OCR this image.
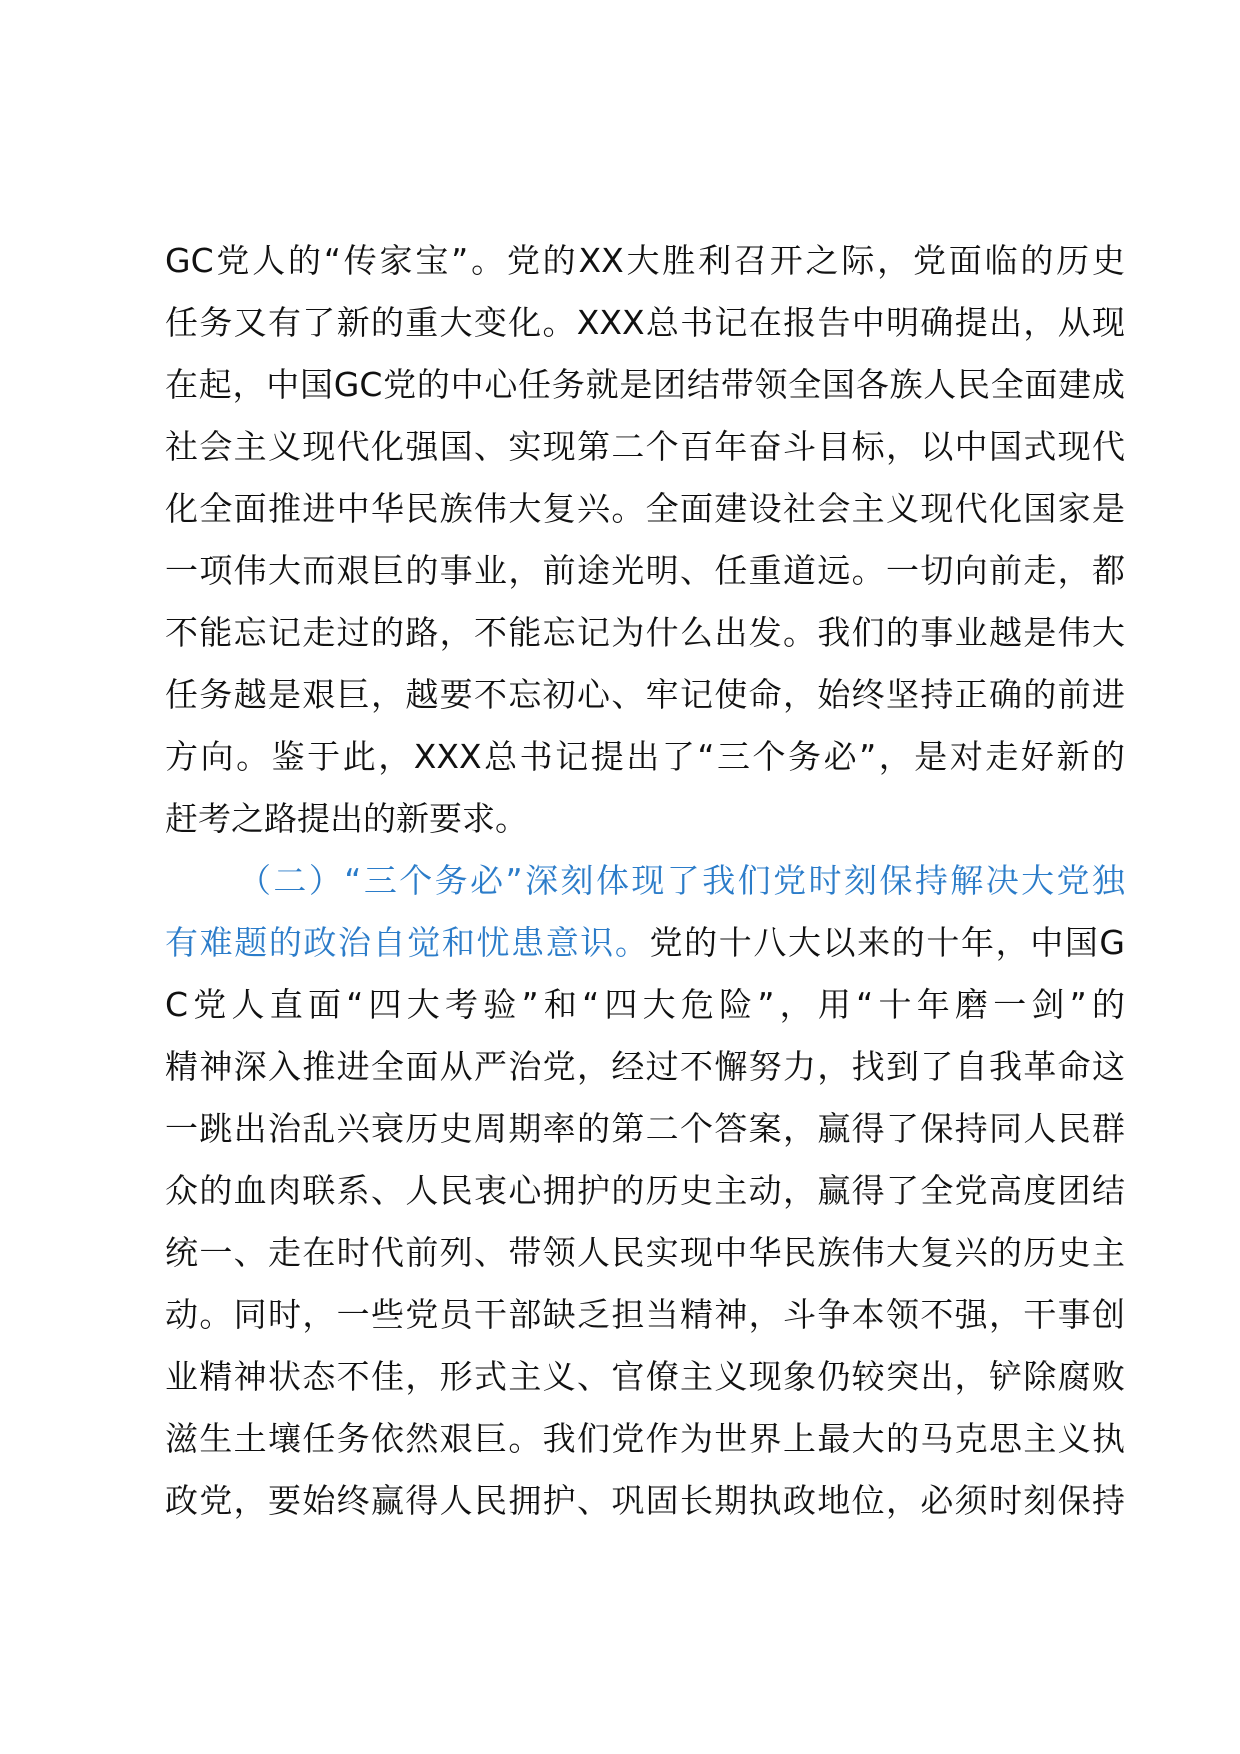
GC党人的“传家宝”。党的XX大胜利召开之际，党面临的历史
任务又有了新的重大变化。XXX总书记在报告中明确提出，从现
在起，中国GC党的中心任务就是团结带领全国各族人民全面建成
社会主义现代化强国、实现第二个百年奋斗目标，以中国式现代
化全面推进中华民族伟大复兴。全面建设社会主义现代化国家是
一项伟大而艰巨的事业，前途光明、任重道远。一切向前走，都
不能忘记走过的路，不能忘记为什么出发。我们的事业越是伟大
任务越是艰巨，越要不忘初心、牢记使命，始终坚持正确的前进
方向。鉴于此，XXX总书记提出了“三个务必”，是对走好新的
赶考之路提出的新要求。
（二）“三个务必”深刻体现了我们党时刻保持解决大党独
有难题的政治自觉和忧患意识。党的十八大以来的十年，中国G
C党人直面“四大考验”和“四大危险”，用“十年磨一剑”的
精神深入推进全面从严治党，经过不懈努力，找到了自我革命这
一跳出治乱兴衰历史周期率的第二个答案，赢得了保持同人民群
众的血肉联系、人民衷心拥护的历史主动，赢得了全党高度团结
统一、走在时代前列、带领人民实现中华民族伟大复兴的历史主
动。同时，一些党员干部缺乏担当精神，斗争本领不强，干事创
业精神状态不佳，形式主义、官僚主义现象仍较突出，铲除腐败
滋生土壤任务依然艰巨。我们党作为世界上最大的马克思主义执
政党，要始终赢得人民拥护、巩固长期执政地位，必须时刻保持
